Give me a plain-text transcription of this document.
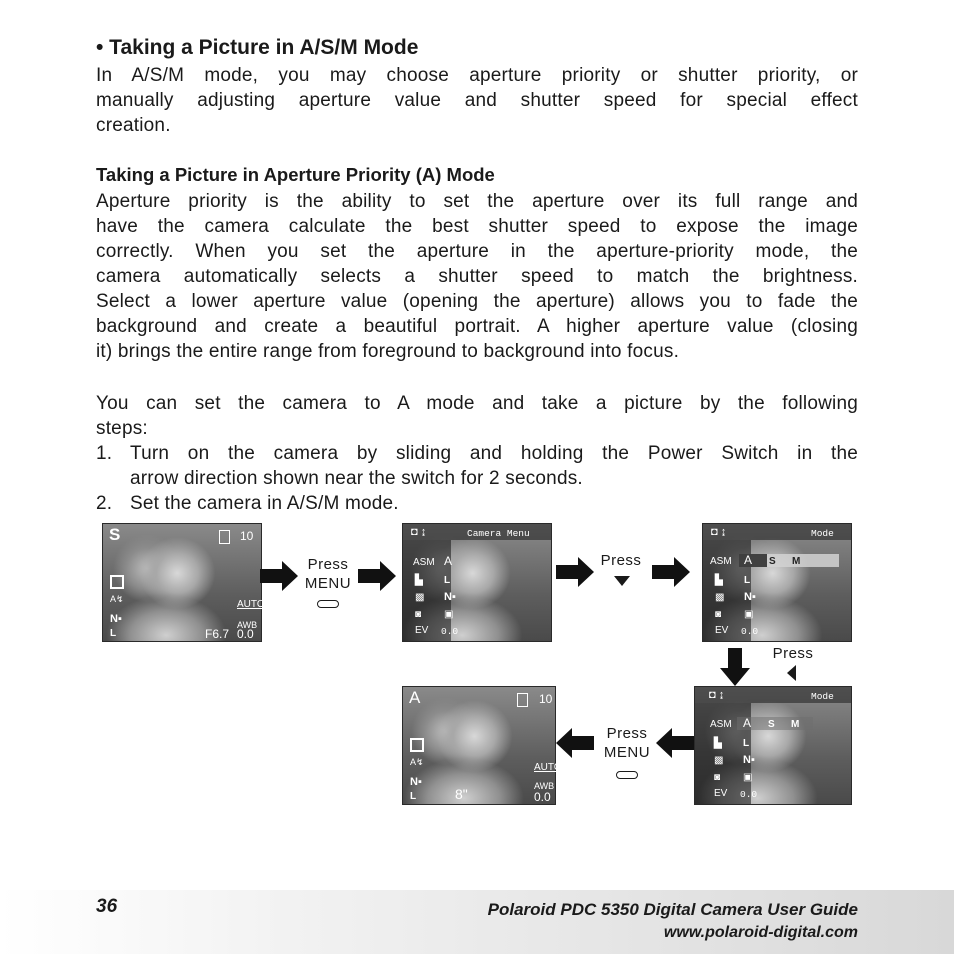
• Taking a Picture in A/S/M Mode
In A/S/M mode, you may choose aperture priority or shutter priority, or
manually adjusting aperture value and shutter speed for special effect
creation.
Taking a Picture in Aperture Priority (A) Mode
Aperture priority is the ability to set the aperture over its full range and
have the camera calculate the best shutter speed to expose the image
correctly. When you set the aperture in the aperture-priority mode, the
camera automatically selects a shutter speed to match the brightness.
Select a lower aperture value (opening the aperture) allows you to fade the
background and create a beautiful portrait. A higher aperture value (closing
it) brings the entire range from foreground to background into focus.
You can set the camera to A mode and take a picture by the following
steps:
1. Turn on the camera by sliding and holding the Power Switch in the
arrow direction shown near the switch for 2 seconds.
2. Set the camera in A/S/M mode.
S	10
A↯
N▪
L
AUTO
AWB
F6.7 0.0
Press
MENU
◘ ↨	Camera Menu
ASM A
▙ L
▩ N▪
◙ ▣
EV 0.0
Press
◘ ↨	Mode
ASM A S M
▙ L
▩ N▪
◙ ▣
EV 0.0
Press
◘ ↨	Mode
ASM A S M
▙ L
▩ N▪
◙ ▣
EV 0.0
Press
MENU
A	10
A↯
N▪
L
AUTO
AWB
8"	0.0
36	Polaroid PDC 5350 Digital Camera User Guide
www.polaroid-digital.com
